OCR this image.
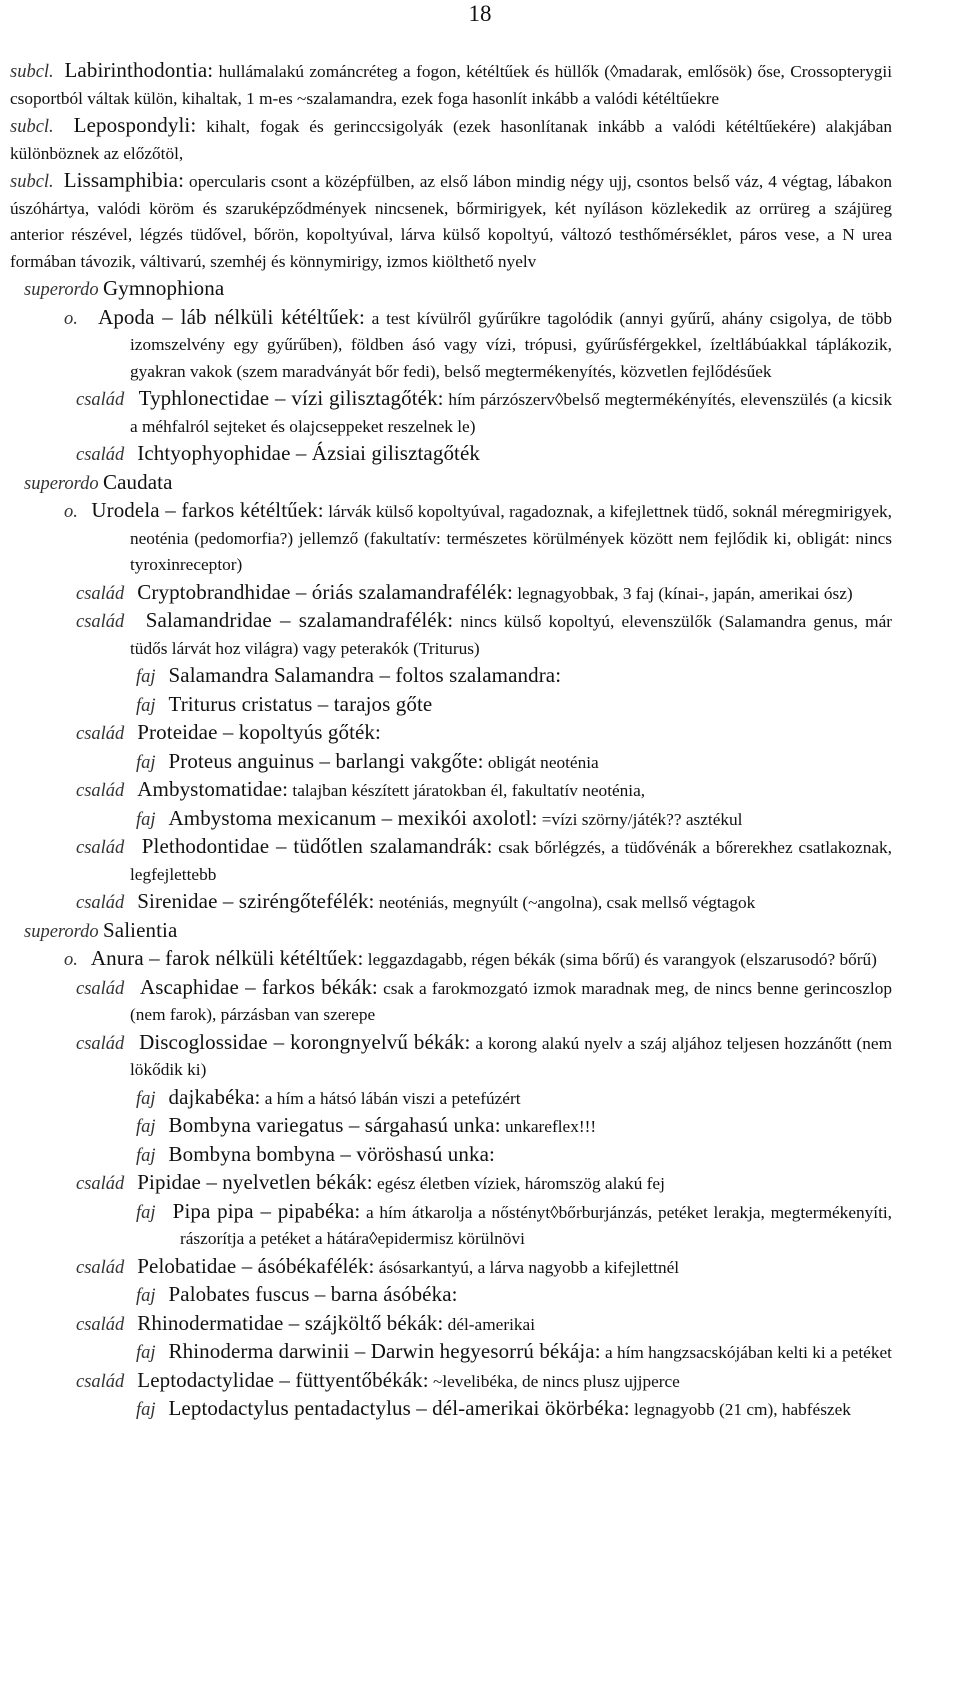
18

subcl. Labirinthodontia: hullámalakú zománcréteg a fogon, kétéltűek és hüllők (◊madarak, emlősök) őse, Crossopterygii csoportból váltak külön, kihaltak, 1 m-es ~szalamandra, ezek foga hasonlít inkább a valódi kétéltűekre

subcl. Lepospondyli: kihalt, fogak és gerinccsigolyák (ezek hasonlítanak inkább a valódi kétéltűekére) alakjában különböznek az előzőtöl,

subcl. Lissamphibia: opercularis csont a középfülben, az első lábon mindig négy ujj, csontos belső váz, 4 végtag, lábakon úszóhártya, valódi köröm és szaruképződmények nincsenek, bőrmirigyek, két nyíláson közlekedik az orrüreg a szájüreg anterior részével, légzés tüdővel, bőrön, kopoltyúval, lárva külső kopoltyú, változó testhőmérséklet, páros vese, a N urea formában távozik, váltivarú, szemhéj és könnymirigy, izmos kiölthető nyelv

superordo Gymnophiona

o. Apoda – láb nélküli kétéltűek: a test kívülről gyűrűkre tagolódik (annyi gyűrű, ahány csigolya, de több izomszelvény egy gyűrűben), földben ásó vagy vízi, trópusi, gyűrűsférgekkel, ízeltlábúakkal táplákozik, gyakran vakok (szem maradványát bőr fedi), belső megtermékenyítés, közvetlen fejlődésűek

család Typhlonectidae – vízi gilisztagőték: hím párzószerv◊belső megtermékényítés, elevenszülés (a kicsik a méhfalról sejteket és olajcseppeket reszelnek le)

család Ichtyophyophidae – Ázsiai gilisztagőték

superordo Caudata

o. Urodela – farkos kétéltűek: lárvák külső kopoltyúval, ragadoznak, a kifejlettnek tüdő, soknál méregmirigyek, neoténia (pedomorfia?) jellemző (fakultatív: természetes körülmények között nem fejlődik ki, obligát: nincs tyroxinreceptor)

család Cryptobrandhidae – óriás szalamandrafélék: legnagyobbak, 3 faj (kínai-, japán, amerikai ósz)

család Salamandridae – szalamandrafélék: nincs külső kopoltyú, elevenszülők (Salamandra genus, már tüdős lárvát hoz világra) vagy peterakók (Triturus)

faj Salamandra Salamandra – foltos szalamandra:

faj Triturus cristatus – tarajos gőte

család Proteidae – kopoltyús gőték:

faj Proteus anguinus – barlangi vakgőte: obligát neoténia

család Ambystomatidae: talajban készített járatokban él, fakultatív neoténia,

faj Ambystoma mexicanum – mexikói axolotl: =vízi szörny/játék?? asztékul

család Plethodontidae – tüdőtlen szalamandrák: csak bőrlégzés, a tüdővénák a bőrerekhez csatlakoznak, legfejlettebb

család Sirenidae – sziréngőtefélék: neoténiás, megnyúlt (~angolna), csak mellső végtagok

superordo Salientia

o. Anura – farok nélküli kétéltűek: leggazdagabb, régen békák (sima bőrű) és varangyok (elszarusodó? bőrű)

család Ascaphidae – farkos békák: csak a farokmozgató izmok maradnak meg, de nincs benne gerincoszlop (nem farok), párzásban van szerepe

család Discoglossidae – korongnyelvű békák: a korong alakú nyelv a száj aljához teljesen hozzánőtt (nem lökődik ki)

faj dajkabéka: a hím a hátsó lábán viszi a petefúzért

faj Bombyna variegatus – sárgahasú unka: unkareflex!!!

faj Bombyna bombyna – vöröshasú unka:

család Pipidae – nyelvetlen békák: egész életben víziek, háromszög alakú fej

faj Pipa pipa – pipabéka: a hím átkarolja a nőstényt◊bőrburjánzás, petéket lerakja, megtermékenyíti, rászorítja a petéket a hátára◊epidermisz körülnövi

család Pelobatidae – ásóbékafélék: ásósarkantyú, a lárva nagyobb a kifejlettnél

faj Palobates fuscus – barna ásóbéka:

család Rhinodermatidae – szájköltő békák: dél-amerikai

faj Rhinoderma darwinii – Darwin hegyesorrú békája: a hím hangzsacskójában kelti ki a petéket

család Leptodactylidae – füttyentőbékák: ~levelibéka, de nincs plusz ujjperce

faj Leptodactylus pentadactylus – dél-amerikai ökörbéka: legnagyobb (21 cm), habfészek
